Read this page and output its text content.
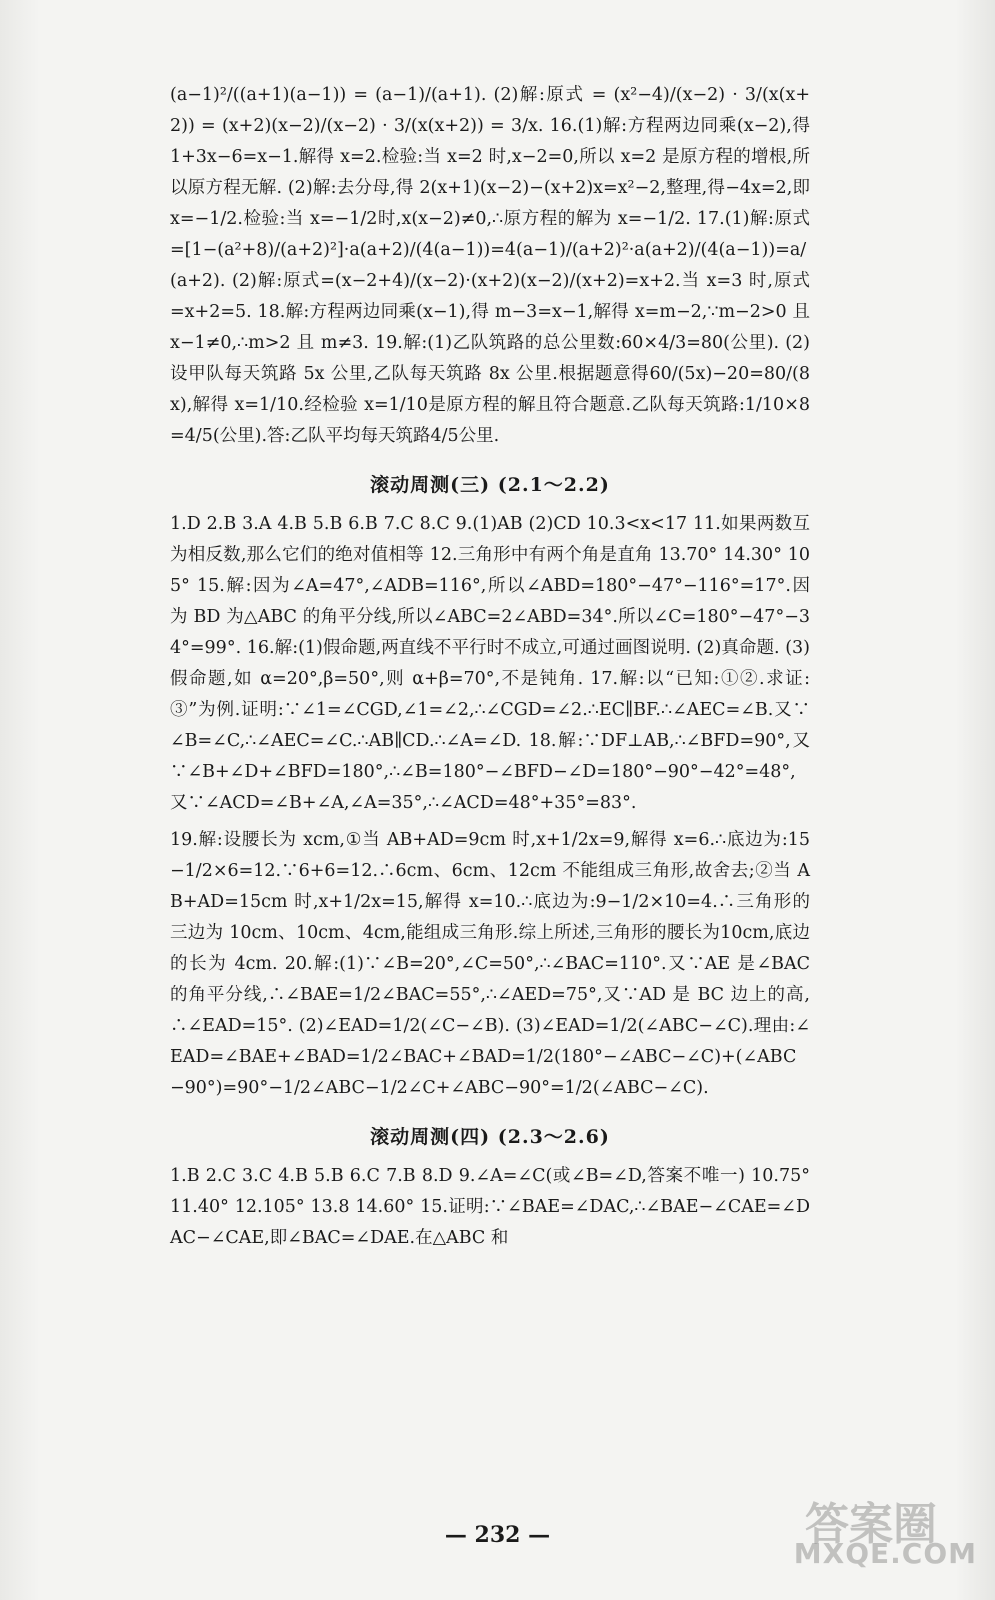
(a−1)²/((a+1)(a−1)) = (a−1)/(a+1). (2)解:原式 = (x²−4)/(x−2) · 3/(x(x+2)) = (x+2)(x−2)/(x−2) · 3/(x(x+2)) = 3/x. 16.(1)解:方程两边同乘(x−2),得 1+3x−6=x−1.解得 x=2.检验:当 x=2 时,x−2=0,所以 x=2 是原方程的增根,所以原方程无解. (2)解:去分母,得 2(x+1)(x−2)−(x+2)x=x²−2,整理,得−4x=2,即 x=−1/2.检验:当 x=−1/2时,x(x−2)≠0,∴原方程的解为 x=−1/2. 17.(1)解:原式=[1−(a²+8)/(a+2)²]·a(a+2)/(4(a−1))=4(a−1)/(a+2)²·a(a+2)/(4(a−1))=a/(a+2). (2)解:原式=(x−2+4)/(x−2)·(x+2)(x−2)/(x+2)=x+2.当 x=3 时,原式=x+2=5. 18.解:方程两边同乘(x−1),得 m−3=x−1,解得 x=m−2,∵m−2>0 且 x−1≠0,∴m>2 且 m≠3. 19.解:(1)乙队筑路的总公里数:60×4/3=80(公里). (2)设甲队每天筑路 5x 公里,乙队每天筑路 8x 公里.根据题意得60/(5x)−20=80/(8x),解得 x=1/10.经检验 x=1/10是原方程的解且符合题意.乙队每天筑路:1/10×8=4/5(公里).答:乙队平均每天筑路4/5公里.

滚动周测(三) (2.1～2.2)

1.D 2.B 3.A 4.B 5.B 6.B 7.C 8.C 9.(1)AB (2)CD 10.3<x<17 11.如果两数互为相反数,那么它们的绝对值相等 12.三角形中有两个角是直角 13.70° 14.30° 105° 15.解:因为∠A=47°,∠ADB=116°,所以∠ABD=180°−47°−116°=17°.因为 BD 为△ABC 的角平分线,所以∠ABC=2∠ABD=34°.所以∠C=180°−47°−34°=99°. 16.解:(1)假命题,两直线不平行时不成立,可通过画图说明. (2)真命题. (3)假命题,如 α=20°,β=50°,则 α+β=70°,不是钝角. 17.解:以“已知:①②.求证:③”为例.证明:∵∠1=∠CGD,∠1=∠2,∴∠CGD=∠2.∴EC∥BF.∴∠AEC=∠B.又∵∠B=∠C,∴∠AEC=∠C.∴AB∥CD.∴∠A=∠D. 18.解:∵DF⊥AB,∴∠BFD=90°,又∵∠B+∠D+∠BFD=180°,∴∠B=180°−∠BFD−∠D=180°−90°−42°=48°,又∵∠ACD=∠B+∠A,∠A=35°,∴∠ACD=48°+35°=83°.

19.解:设腰长为 xcm,①当 AB+AD=9cm 时,x+1/2x=9,解得 x=6.∴底边为:15−1/2×6=12.∵6+6=12.∴6cm、6cm、12cm 不能组成三角形,故舍去;②当 AB+AD=15cm 时,x+1/2x=15,解得 x=10.∴底边为:9−1/2×10=4.∴三角形的三边为 10cm、10cm、4cm,能组成三角形.综上所述,三角形的腰长为10cm,底边的长为 4cm. 20.解:(1)∵∠B=20°,∠C=50°,∴∠BAC=110°.又∵AE 是∠BAC 的角平分线,∴∠BAE=1/2∠BAC=55°,∴∠AED=75°,又∵AD 是 BC 边上的高,∴∠EAD=15°. (2)∠EAD=1/2(∠C−∠B). (3)∠EAD=1/2(∠ABC−∠C).理由:∠EAD=∠BAE+∠BAD=1/2∠BAC+∠BAD=1/2(180°−∠ABC−∠C)+(∠ABC−90°)=90°−1/2∠ABC−1/2∠C+∠ABC−90°=1/2(∠ABC−∠C).

滚动周测(四) (2.3～2.6)

1.B 2.C 3.C 4.B 5.B 6.C 7.B 8.D 9.∠A=∠C(或∠B=∠D,答案不唯一) 10.75° 11.40° 12.105° 13.8 14.60° 15.证明:∵∠BAE=∠DAC,∴∠BAE−∠CAE=∠DAC−∠CAE,即∠BAC=∠DAE.在△ABC 和

— 232 —	答案圈
MXQE.COM
